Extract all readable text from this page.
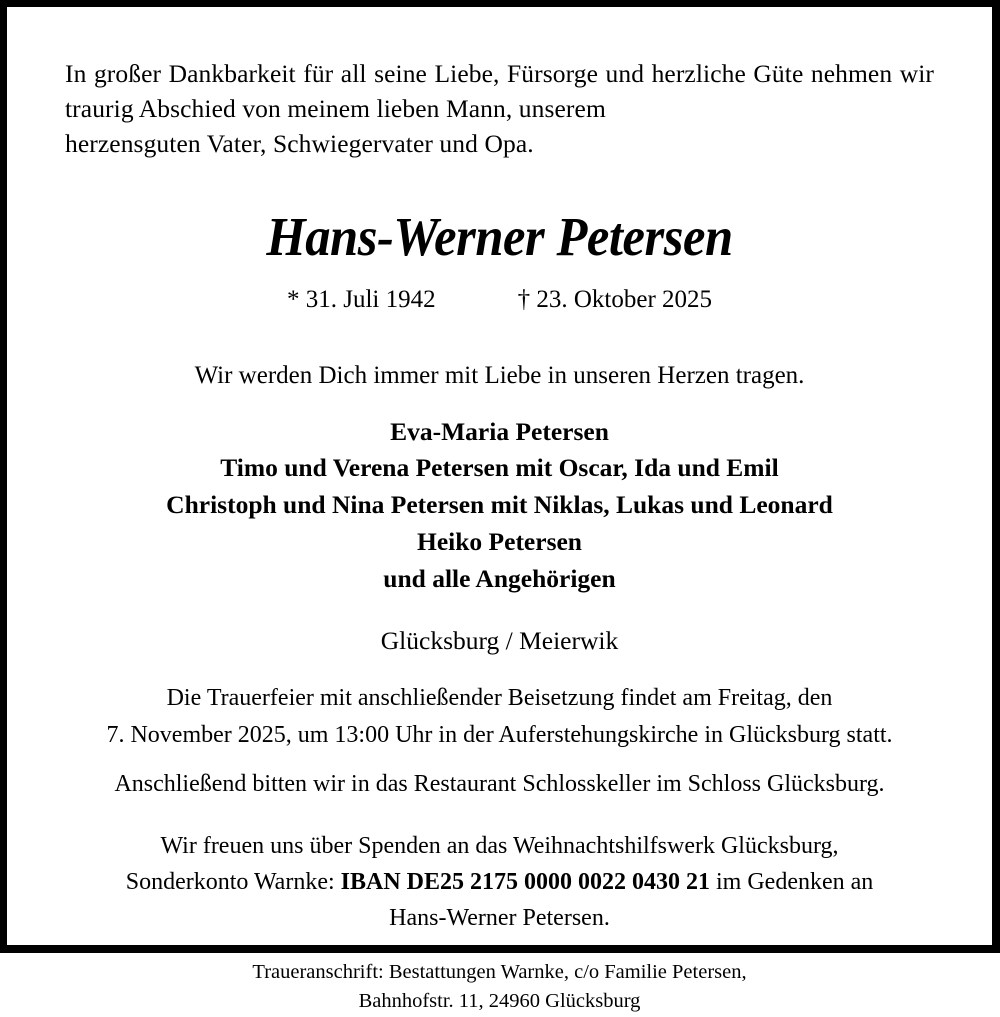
In großer Dankbarkeit für all seine Liebe, Fürsorge und herzliche Güte nehmen wir traurig Abschied von meinem lieben Mann, unserem

herzensguten Vater, Schwiegervater und Opa.

Hans-Werner Petersen
* 31. Juli 1942	† 23. Oktober 2025
Wir werden Dich immer mit Liebe in unseren Herzen tragen.
Eva-Maria Petersen
Timo und Verena Petersen mit Oscar, Ida und Emil
Christoph und Nina Petersen mit Niklas, Lukas und Leonard
Heiko Petersen
und alle Angehörigen
Glücksburg / Meierwik
Die Trauerfeier mit anschließender Beisetzung findet am Freitag, den
7. November 2025, um 13:00 Uhr in der Auferstehungskirche in Glücksburg statt.
Anschließend bitten wir in das Restaurant Schlosskeller im Schloss Glücksburg.
Wir freuen uns über Spenden an das Weihnachtshilfswerk Glücksburg,
Sonderkonto Warnke: IBAN DE25 2175 0000 0022 0430 21 im Gedenken an
Hans-Werner Petersen.
Traueranschrift: Bestattungen Warnke, c/o Familie Petersen,
Bahnhofstr. 11, 24960 Glücksburg
